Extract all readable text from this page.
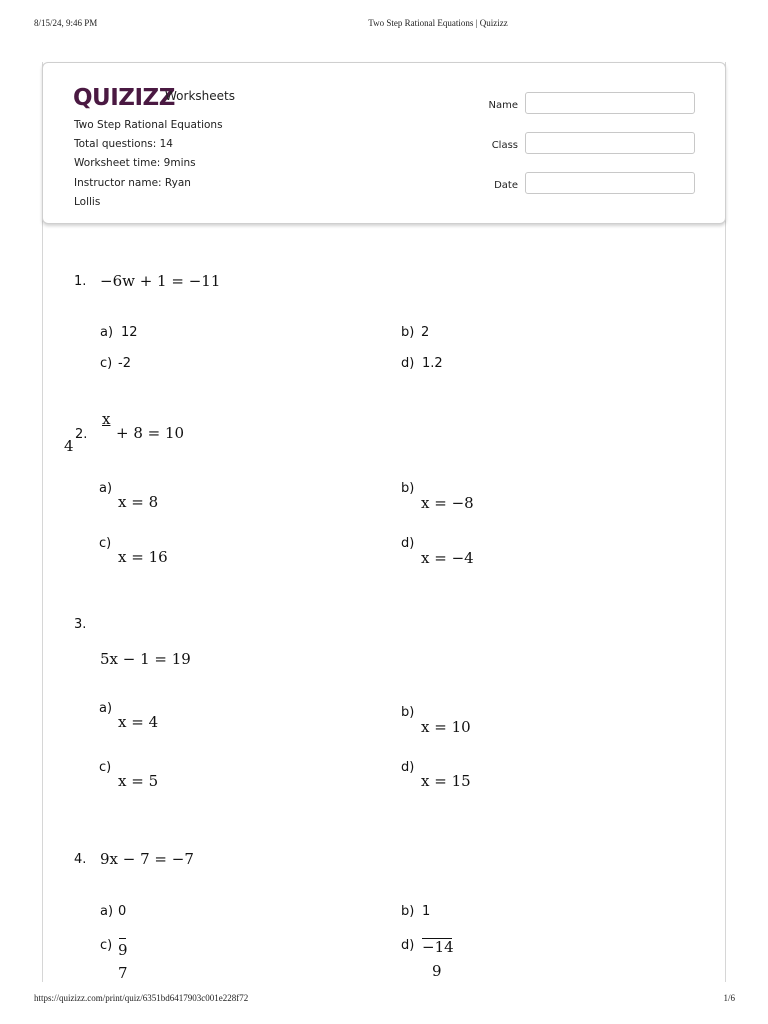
8/15/24, 9:46 PM	Two Step Rational Equations | Quizizz
QUIZIZZ
Worksheets
Two Step Rational Equations
Total questions: 14
Worksheet time: 9mins
Instructor name: Ryan
Lollis
Name
Class
Date
1. −6w + 1 = −11
a) 12	b) 2
c) -2	d) 1.2
4
2.
x
+ 8 = 10
a)
x = 8
b)
x = −8
c)
x = 16
d)
x = −4
3.
5x − 1 = 19
a)
x = 4
b)
x = 10
c)
x = 5
d)
x = 15
4. 9x − 7 = −7
a) 0	b) 1
c) 9
7
d) −14
9
https://quizizz.com/print/quiz/6351bd6417903c001e228f72	1/6
